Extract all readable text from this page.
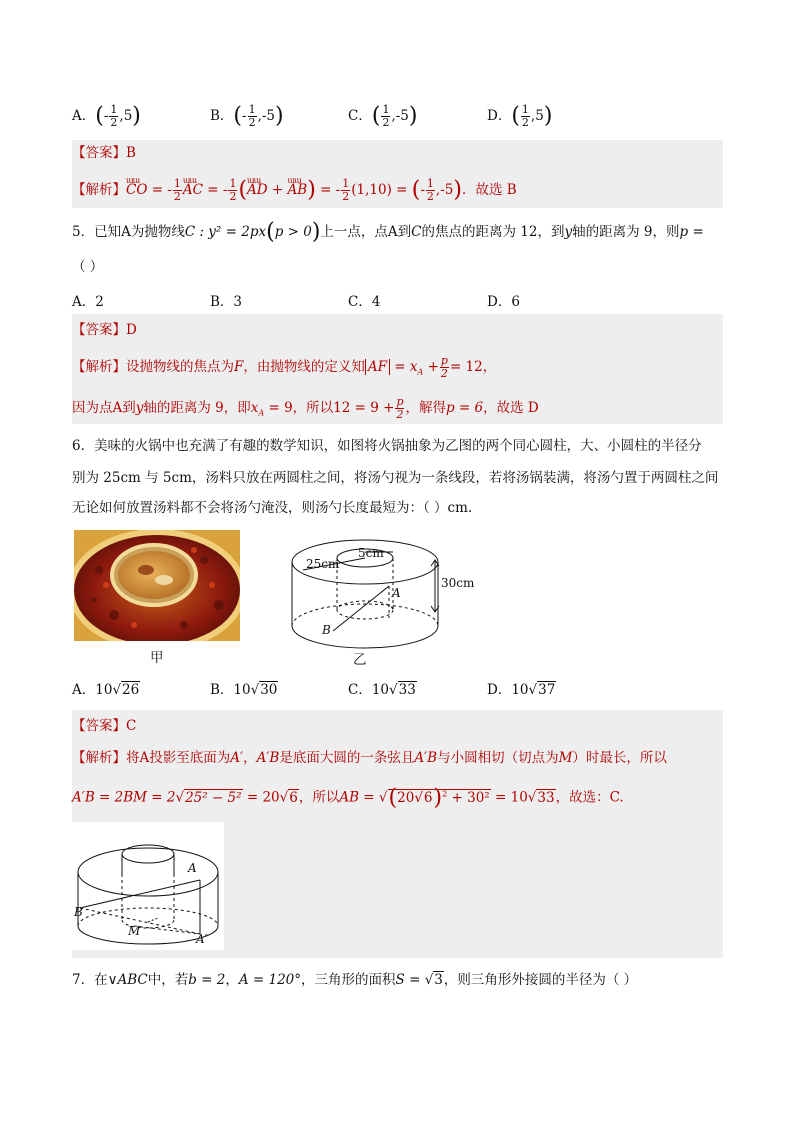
A．(- $\frac{1}{2} ,5$)	B．(- $\frac{1}{2} ,-5$)	C．( $\frac{1}{2} ,-5$)	D．( $\frac{1}{2} ,5$)
【答案】B
【解析】ɯɯ CO = - $\frac{1}{2}$ ɯɯ AC = - $\frac{1}{2}$ (ɯɯ AD + ɯɯ AB) = - $\frac{1}{2} (1,10)$ = (- $\frac{1}{2} ,-5$)．故选 B
5．已知A为抛物线C : y² = 2px(p > 0)上一点，点A到C的焦点的距离为 12，到y轴的距离为 9，则p =
（ ）
A．2	B．3	C．4	D．6
【答案】D
【解析】设抛物线的焦点为F，由抛物线的定义知 AF = $x_A + \frac{p}{2} = 12$，
因为点A到y轴的距离为 9，即$x_A = 9$，所以$12 = 9 + \frac{p}{2}$ ，解得p = 6，故选 D
6．美味的火锅中也充满了有趣的数学知识，如图将火锅抽象为乙图的两个同心圆柱，大、小圆柱的半径分
别为 25cm 与 5cm，汤料只放在两圆柱之间，将汤勺视为一条线段，若将汤锅装满，将汤勺置于两圆柱之间
无论如何放置汤料都不会将汤勺淹没，则汤勺长度最短为：（ ）cm.
甲
25cm
5cm
30cm
A
B
乙
A．10√26	B．10√30	C．10√33	D．10√37
【答案】C
【解析】将A投影至底面为A′，A′B是底面大圆的一条弦且A′B与小圆相切（切点为M）时最长，所以
A′B = 2BM = 2√25² − 5² = 20√6，所以AB = $√(20√6)^2 + 30^2 = 10√33$，故选：C.
A
B
M
A′
7．在∨ABC中，若b = 2，A = 120°，三角形的面积S = √3，则三角形外接圆的半径为（ ）
